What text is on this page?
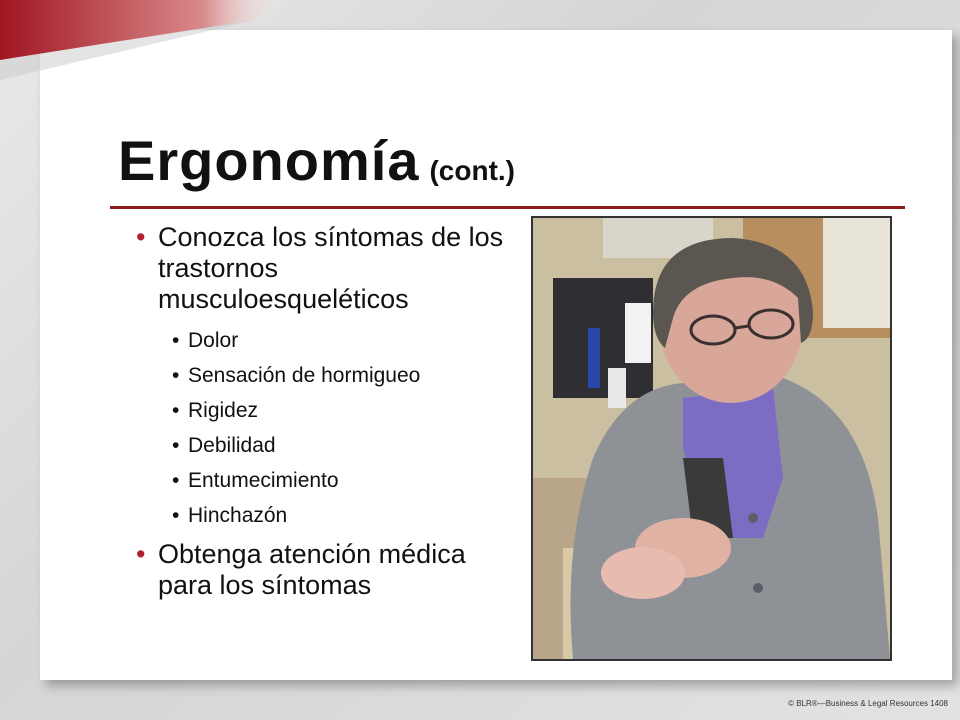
Ergonomía (cont.)
• Conozca los síntomas de los trastornos musculoesqueléticos
• Dolor
• Sensación de hormigueo
• Rigidez
• Debilidad
• Entumecimiento
• Hinchazón
• Obtenga atención médica para los síntomas
© BLR®—Business & Legal Resources 1408
